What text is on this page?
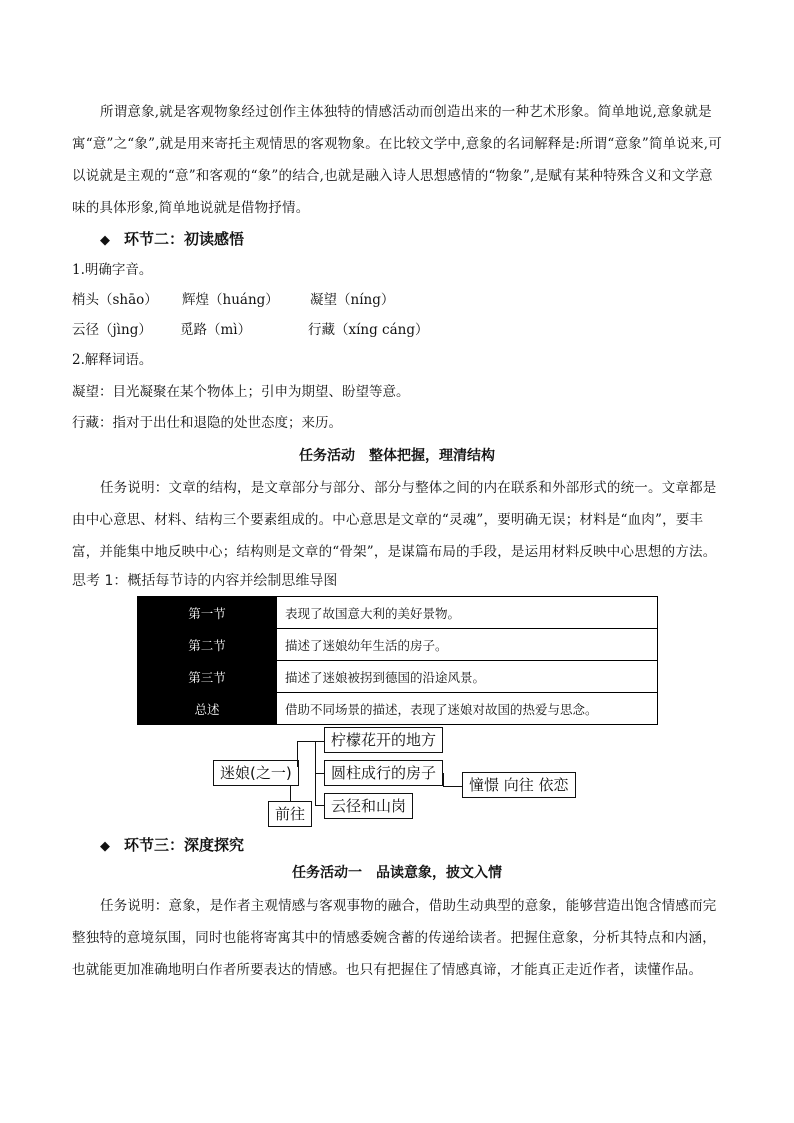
所谓意象,就是客观物象经过创作主体独特的情感活动而创造出来的一种艺术形象。简单地说,意象就是寓“意”之“象”,就是用来寄托主观情思的客观物象。在比较文学中,意象的名词解释是:所谓“意象”简单说来,可以说就是主观的“意”和客观的“象”的结合,也就是融入诗人思想感情的“物象”,是赋有某种特殊含义和文学意味的具体形象,简单地说就是借物抒情。

◆ 环节二：初读感悟
1.明确字音。
梢头（shāo） 辉煌（huáng） 凝望（níng）
云径（jìng） 觅路（mì）	行藏（xíng cáng）
2.解释词语。
凝望：目光凝聚在某个物体上；引申为期望、盼望等意。
行藏：指对于出仕和退隐的处世态度；来历。
任务活动　整体把握，理清结构

任务说明：文章的结构，是文章部分与部分、部分与整体之间的内在联系和外部形式的统一。文章都是由中心意思、材料、结构三个要素组成的。中心意思是文章的“灵魂”，要明确无误；材料是“血肉”，要丰富，并能集中地反映中心；结构则是文章的“骨架”，是谋篇布局的手段，是运用材料反映中心思想的方法。

思考 1：概括每节诗的内容并绘制思维导图
第一节	表现了故国意大利的美好景物。
第二节	描述了迷娘幼年生活的房子。
第三节	描述了迷娘被拐到德国的沿途风景。
总述	借助不同场景的描述，表现了迷娘对故国的热爱与思念。
迷娘(之一)
前往
柠檬花开的地方
圆柱成行的房子
云径和山岗
憧憬 向往 依恋
◆ 环节三：深度探究
任务活动一　品读意象，披文入情

任务说明：意象，是作者主观情感与客观事物的融合，借助生动典型的意象，能够营造出饱含情感而完整独特的意境氛围，同时也能将寄寓其中的情感委婉含蓄的传递给读者。把握住意象，分析其特点和内涵，也就能更加准确地明白作者所要表达的情感。也只有把握住了情感真谛，才能真正走近作者，读懂作品。
